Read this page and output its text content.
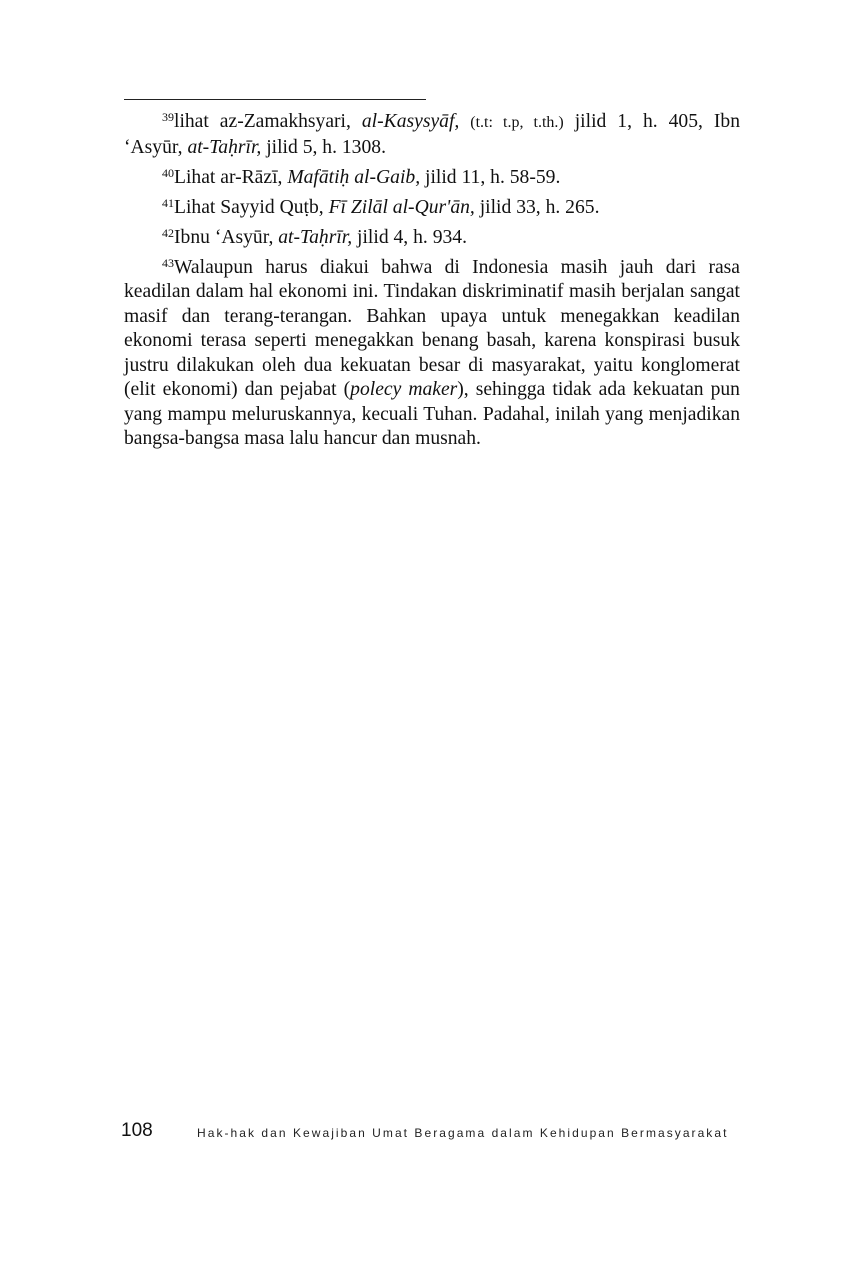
$^{39}$lihat az-Zamakhsyari, al-Kasysyāf, (t.t: t.p, t.th.) jilid 1, h. 405, Ibn ‘Asyūr, at-Taḥrīr, jilid 5, h. 1308.

$^{40}$Lihat ar-Rāzī, Mafātiḥ al-Gaib, jilid 11, h. 58-59.

$^{41}$Lihat Sayyid Quṭb, Fī Zilāl al-Qur'ān, jilid 33, h. 265.

$^{42}$Ibnu ‘Asyūr, at-Taḥrīr, jilid 4, h. 934.

$^{43}$Walaupun harus diakui bahwa di Indonesia masih jauh dari rasa keadilan dalam hal ekonomi ini. Tindakan diskriminatif masih berjalan sangat masif dan terang-terangan. Bahkan upaya untuk menegakkan keadilan ekonomi terasa seperti menegakkan benang basah, karena konspirasi busuk justru dilakukan oleh dua kekuatan besar di masyarakat, yaitu konglomerat (elit ekonomi) dan pejabat (polecy maker), sehingga tidak ada kekuatan pun yang mampu meluruskannya, kecuali Tuhan. Padahal, inilah yang menjadikan bangsa-bangsa masa lalu hancur dan musnah.

108	Hak-hak dan Kewajiban Umat Beragama dalam Kehidupan Bermasyarakat
